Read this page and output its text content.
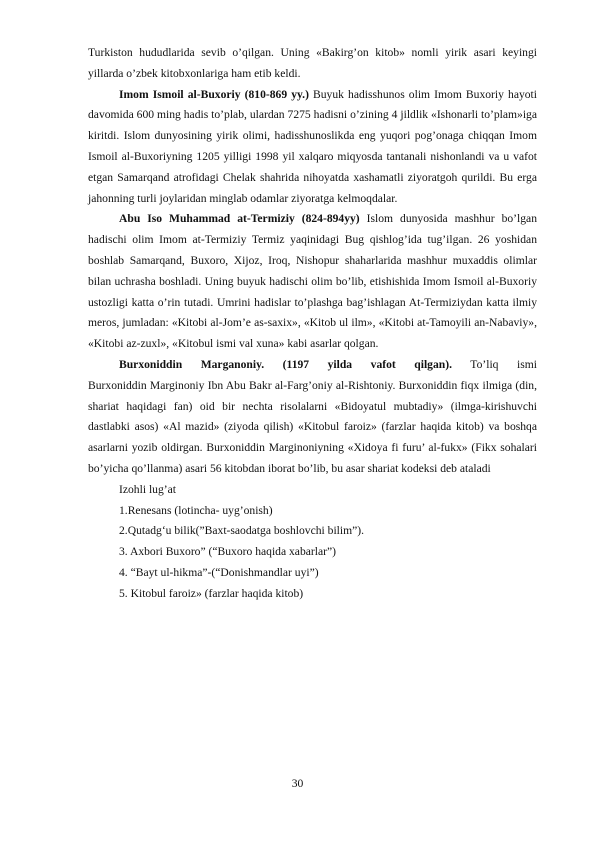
Turkiston hududlarida sevib o’qilgan. Uning «Bakirg’on kitob» nomli yirik asari keyingi yillarda o’zbek kitobxonlariga ham etib keldi.

Imom Ismoil al-Buxoriy (810-869 yy.) Buyuk hadisshunos olim Imom Buxoriy hayoti davomida 600 ming hadis to’plab, ulardan 7275 hadisni o’zining 4 jildlik «Ishonarli to’plam»iga kiritdi. Islom dunyosining yirik olimi, hadisshunoslikda eng yuqori pog’onaga chiqqan Imom Ismoil al-Buxoriyning 1205 yilligi 1998 yil xalqaro miqyosda tantanali nishonlandi va u vafot etgan Samarqand atrofidagi Chelak shahrida nihoyatda xashamatli ziyoratgoh qurildi. Bu erga jahonning turli joylaridan minglab odamlar ziyoratga kelmoqdalar.

Abu Iso Muhammad at-Termiziy (824-894yy) Islom dunyosida mashhur bo’lgan hadischi olim Imom at-Termiziy Termiz yaqinidagi Bug qishlog’ida tug’ilgan. 26 yoshidan boshlab Samarqand, Buxoro, Xijoz, Iroq, Nishopur shaharlarida mashhur muxaddis olimlar bilan uchrasha boshladi. Uning buyuk hadischi olim bo’lib, etishishida Imom Ismoil al-Buxoriy ustozligi katta o’rin tutadi. Umrini hadislar to’plashga bag’ishlagan At-Termiziydan katta ilmiy meros, jumladan: «Kitobi al-Jom’e as-saxix», «Kitob ul ilm», «Kitobi at-Tamoyili an-Nabaviy», «Kitobi az-zuxl», «Kitobul ismi val xuna» kabi asarlar qolgan.

Burxoniddin Marganoniy. (1197 yilda vafot qilgan). To’liq ismi

Burxoniddin Marginoniy Ibn Abu Bakr al-Farg’oniy al-Rishtoniy. Burxoniddin fiqx ilmiga (din, shariat haqidagi fan) oid bir nechta risolalarni «Bidoyatul mubtadiy» (ilmga-kirishuvchi dastlabki asos) «Al mazid» (ziyoda qilish) «Kitobul faroiz» (farzlar haqida kitob) va boshqa asarlarni yozib oldirgan. Burxoniddin Marginoniyning «Xidoya fi furu’ al-fukx» (Fikx sohalari bo’yicha qo’llanma) asari 56 kitobdan iborat bo’lib, bu asar shariat kodeksi deb ataladi

Izohli lug’at

1.Renesans (lotincha- uyg’onish)
2.Qutadg‘u bilik(”Baxt-saodatga boshlovchi bilim”).
3. Axbori Buxoro” (“Buxoro haqida xabarlar”)
4. “Bayt ul-hikma”-(“Donishmandlar uyi”)
5. Kitobul faroiz» (farzlar haqida kitob)
30
